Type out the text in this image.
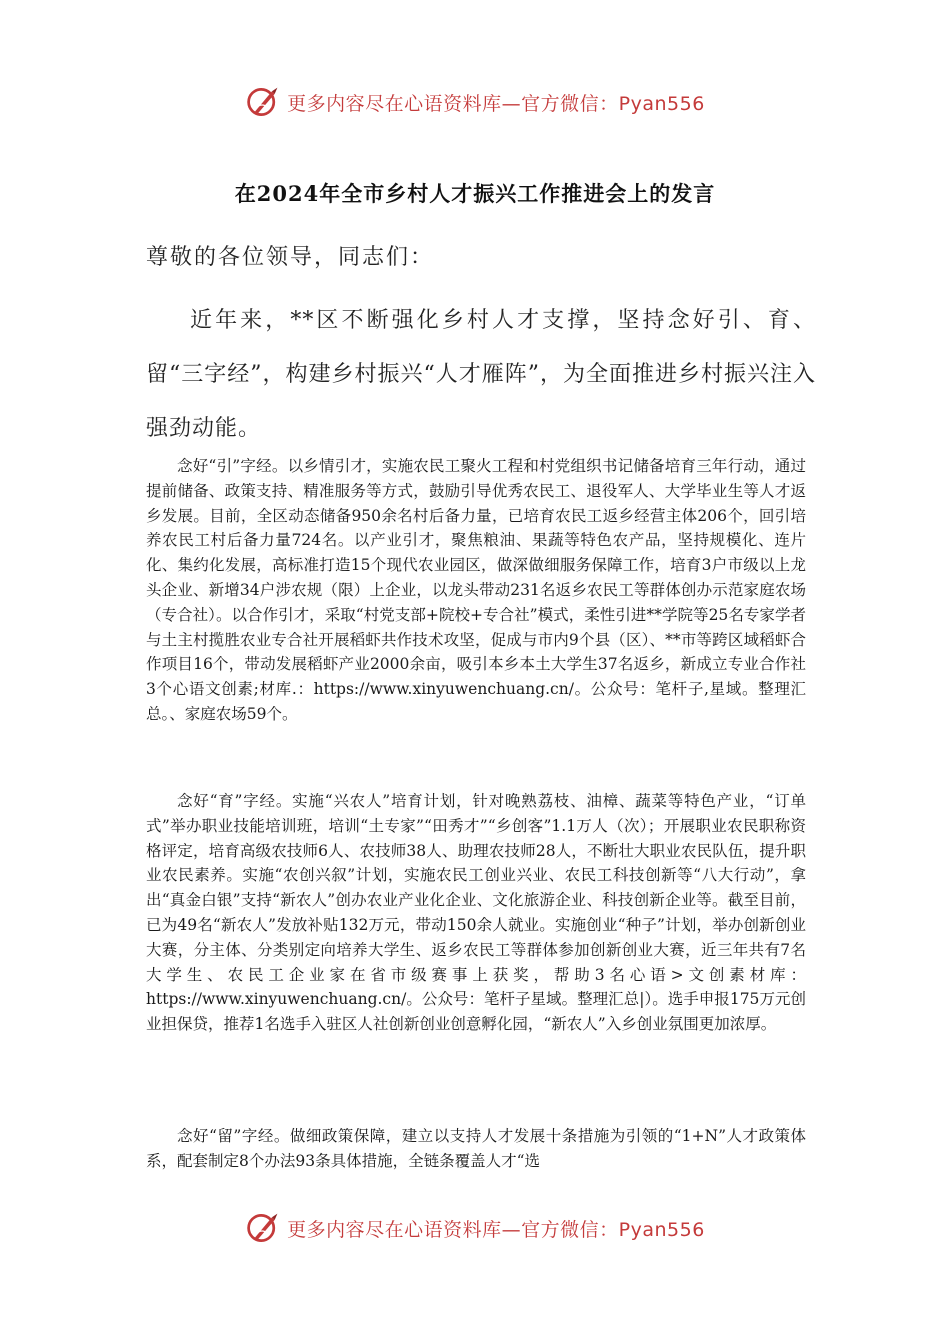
更多内容尽在心语资料库—官方微信：Pyan556
在2024年全市乡村人才振兴工作推进会上的发言

尊敬的各位领导，同志们：

近年来，**区不断强化乡村人才支撑，坚持念好引、育、留“三字经”，构建乡村振兴“人才雁阵”，为全面推进乡村振兴注入强劲动能。

念好“引”字经。以乡情引才，实施农民工聚火工程和村党组织书记储备培育三年行动，通过提前储备、政策支持、精准服务等方式，鼓励引导优秀农民工、退役军人、大学毕业生等人才返乡发展。目前，全区动态储备950余名村后备力量，已培育农民工返乡经营主体206个，回引培养农民工村后备力量724名。以产业引才，聚焦粮油、果蔬等特色农产品，坚持规模化、连片化、集约化发展，高标准打造15个现代农业园区，做深做细服务保障工作，培育3户市级以上龙头企业、新增34户涉农规（限）上企业，以龙头带动231名返乡农民工等群体创办示范家庭农场（专合社）。以合作引才，采取“村党支部+院校+专合社”模式，柔性引进**学院等25名专家学者与土主村揽胜农业专合社开展稻虾共作技术攻坚，促成与市内9个县（区）、**市等跨区域稻虾合作项目16个，带动发展稻虾产业2000余亩，吸引本乡本土大学生37名返乡，新成立专业合作社3个心语文创素;材库.：https://www.xinyuwenchuang.cn/。公众号：笔杆子,星域。整理汇总。、家庭农场59个。

念好“育”字经。实施“兴农人”培育计划，针对晚熟荔枝、油樟、蔬菜等特色产业，“订单式”举办职业技能培训班，培训“土专家”“田秀才”“乡创客”1.1万人（次）；开展职业农民职称资格评定，培育高级农技师6人、农技师38人、助理农技师28人，不断壮大职业农民队伍，提升职业农民素养。实施“农创兴叙”计划，实施农民工创业兴业、农民工科技创新等“八大行动”，拿出“真金白银”支持“新农人”创办农业产业化企业、文化旅游企业、科技创新企业等。截至目前，已为49名“新农人”发放补贴132万元，带动150余人就业。实施创业“种子”计划，举办创新创业大赛，分主体、分类别定向培养大学生、返乡农民工等群体参加创新创业大赛，近三年共有7名大学生、农民工企业家在省市级赛事上获奖，帮助3名心语>文创素材库：https://www.xinyuwenchuang.cn/。公众号：笔杆子星域。整理汇总|）。选手申报175万元创业担保贷，推荐1名选手入驻区人社创新创业创意孵化园，“新农人”入乡创业氛围更加浓厚。

念好“留”字经。做细政策保障，建立以支持人才发展十条措施为引领的“1+N”人才政策体系，配套制定8个办法93条具体措施，全链条覆盖人才“选

更多内容尽在心语资料库—官方微信：Pyan556
